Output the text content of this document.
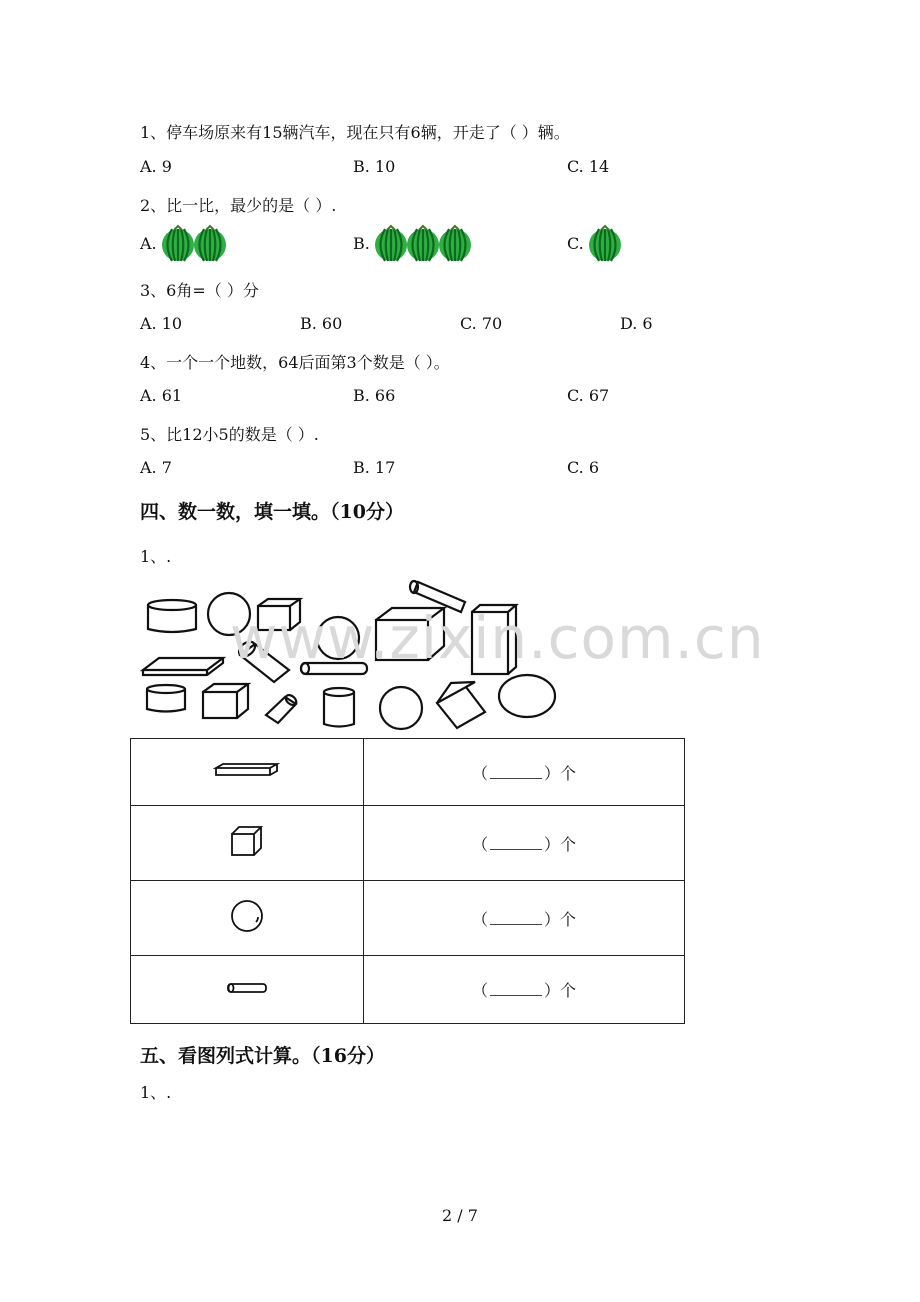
1、停车场原来有15辆汽车，现在只有6辆，开走了（ ）辆。
A. 9	B. 10	C. 14
2、比一比，最少的是（ ）.
A.	B.	C.
3、6角=（ ）分
A. 10	B. 60	C. 70	D. 6
4、一个一个地数，64后面第3个数是（ ）。
A. 61	B. 66	C. 67
5、比12小5的数是（ ）.
A. 7	B. 17	C. 6
四、数一数，填一填。（10分）
1、.
www.zixin.com.cn
	（ ）个
	（ ）个
	（ ）个
	（ ）个
五、看图列式计算。（16分）
1、.
2 / 7
